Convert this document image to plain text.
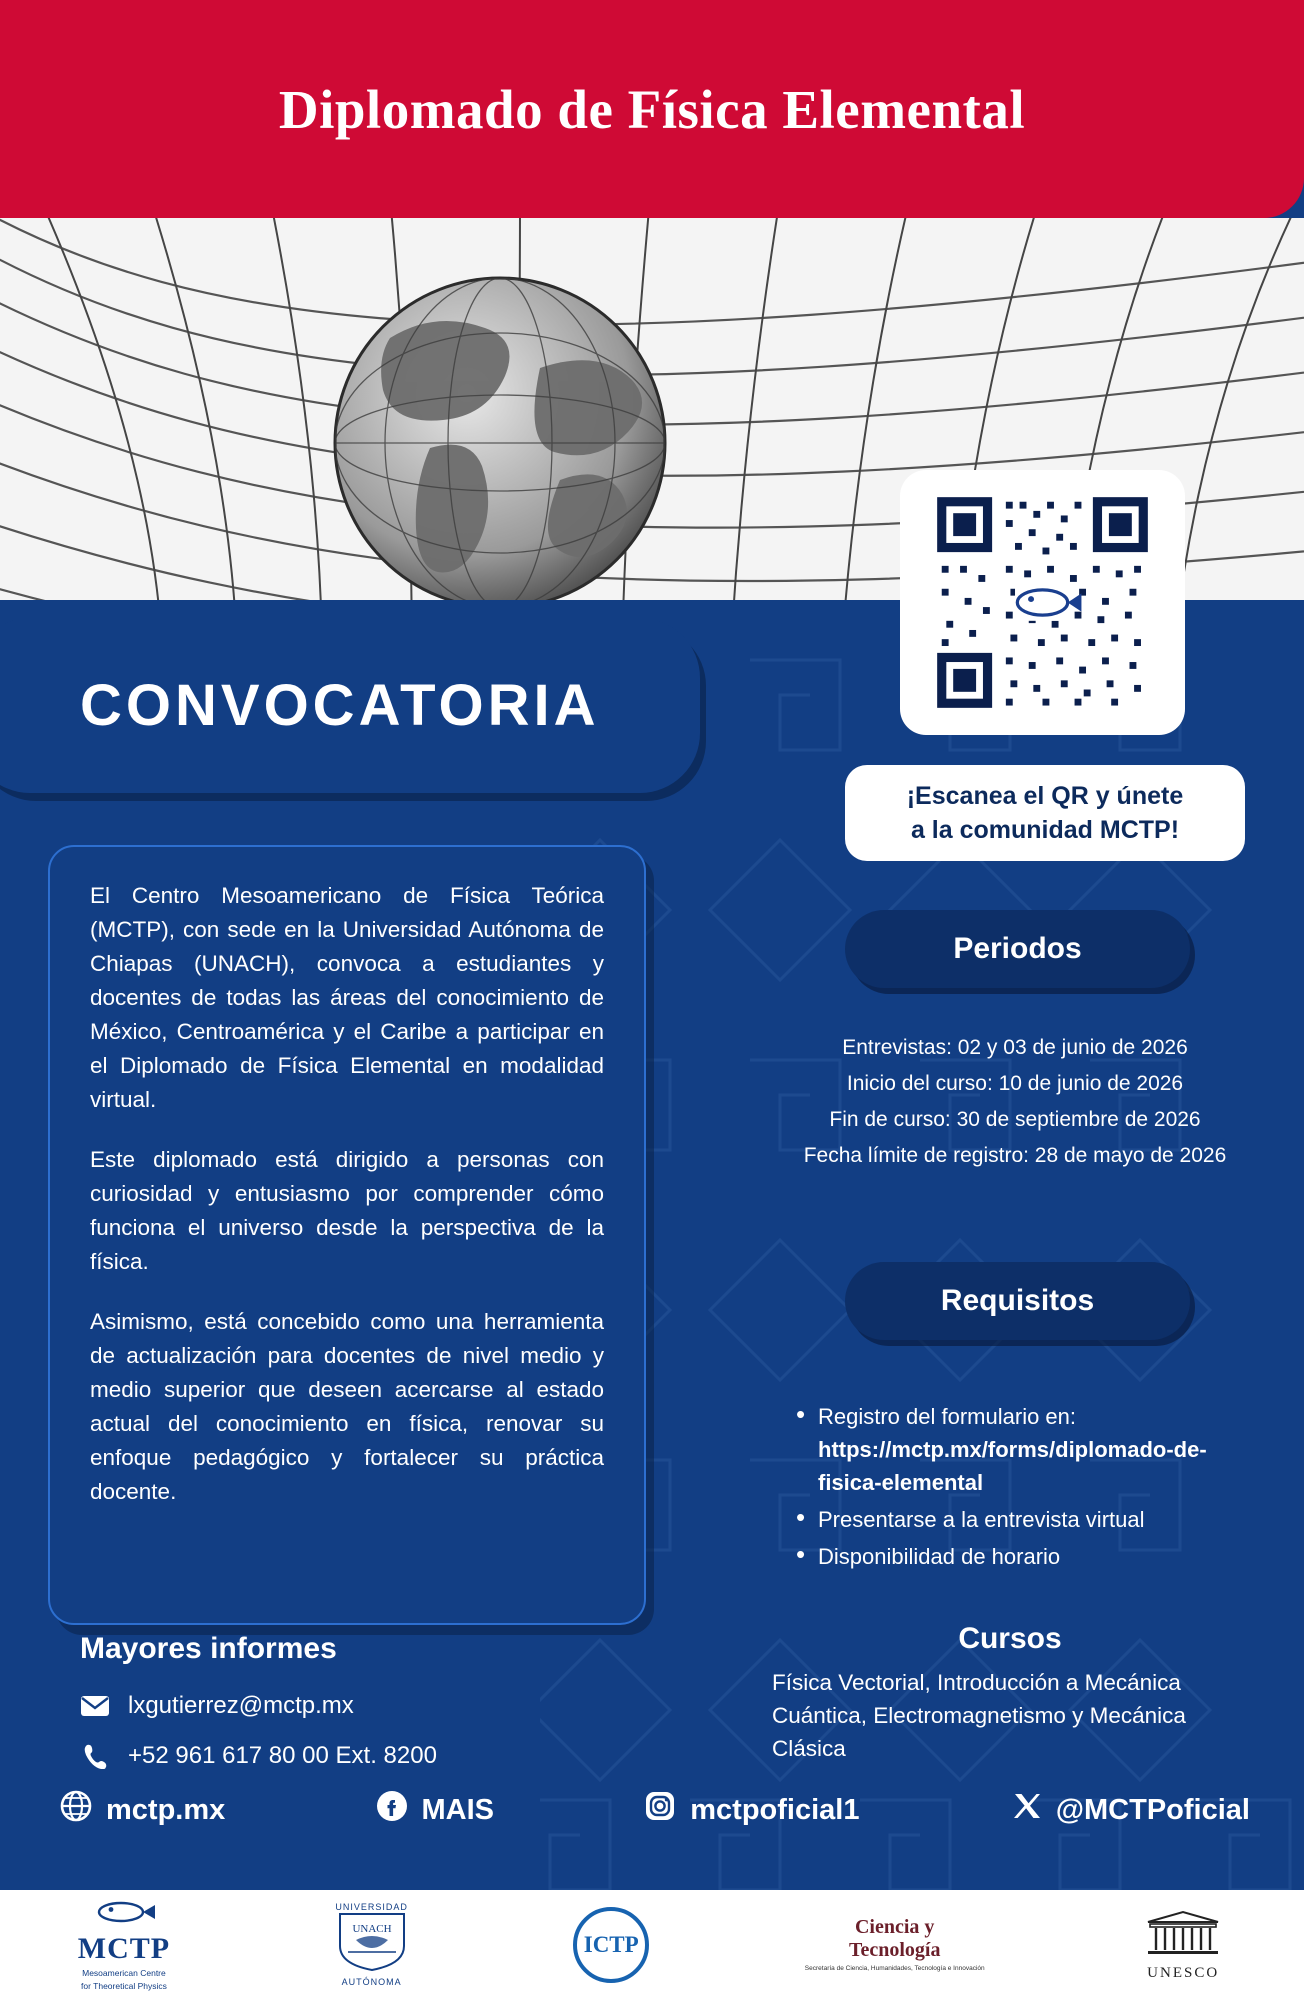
Diplomado de Física Elemental
CONVOCATORIA

El Centro Mesoamericano de Física Teórica (MCTP), con sede en la Universidad Autónoma de Chiapas (UNACH), convoca a estudiantes y docentes de todas las áreas del conocimiento de México, Centroamérica y el Caribe a participar en el Diplomado de Física Elemental en modalidad virtual.

Este diplomado está dirigido a personas con curiosidad y entusiasmo por comprender cómo funciona el universo desde la perspectiva de la física.

Asimismo, está concebido como una herramienta de actualización para docentes de nivel medio y medio superior que deseen acercarse al estado actual del conocimiento en física, renovar su enfoque pedagógico y fortalecer su práctica docente.

¡Escanea el QR y únete
a la comunidad MCTP!
Periodos
Entrevistas: 02 y 03 de junio de 2026
Inicio del curso: 10 de junio de 2026
Fin de curso: 30 de septiembre de 2026
Fecha límite de registro: 28 de mayo de 2026
Requisitos
• Registro del formulario en:
https://mctp.mx/forms/diplomado-de-fisica-elemental
• Presentarse a la entrevista virtual
• Disponibilidad de horario
Mayores informes
lxgutierrez@mctp.mx
+52 961 617 80 00 Ext. 8200
Cursos
Física Vectorial, Introducción a Mecánica Cuántica, Electromagnetismo y Mecánica Clásica
mctp.mx	MAIS	mctpoficial1	@MCTPoficial
MCTP
Mesoamerican Centre
for Theoretical Physics
UNIVERSIDAD
UNACH
AUTÓNOMA
ICTP
Ciencia y
Tecnología
Secretaría de Ciencia, Humanidades, Tecnología e Innovación	UNESCO
